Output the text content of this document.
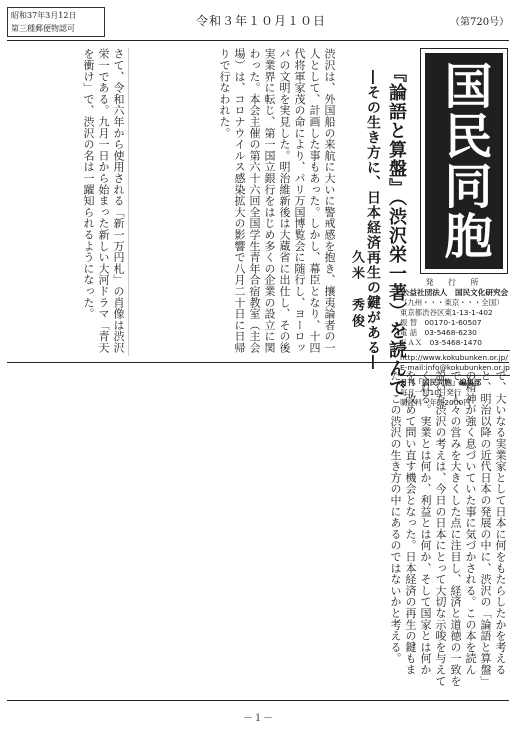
昭和37年3月12日
第三種郵便物認可
令和３年１０月１０日	（第720号）
国民同胞
発 行 所
公益社団法人　国民文化研究会
（九州・・・東京・・・全国）
東京都渋谷区東1-13-1-402
振 替　00170-1-60507
電 話　03-5468-6230
ＦＡＸ　03-5468-1470
http://www.kokubunken.or.jp/
E-mail:info@kokubunken.or.jp
月刊「国民同胞」編集部
毎月一回10日発行
購読料　年間2000円
『論語と算盤』（渋沢栄一著）を読んで
―その生き方に、日本経済再生の鍵がある―
久米　秀俊
渋沢は、外国船の来航に大いに警戒感を抱き、攘夷論者の一人として、計画した事もあった。しかし、幕臣となり、十四代将軍家茂の命により、パリ万国博覧会に随行し、ヨーロッパの文明を実見した。明治維新後は大蔵省に出仕し、その後実業界に転じ、第一国立銀行をはじめ多くの企業の設立に関わった。本会主催の第六十六回全国学生青年合宿教室（主会場）は、コロナウイルス感染拡大の影響で八月二十日に日帰りで行なわれた。
さて、令和六年から使用される「新一万円札」の肖像は渋沢栄一である。九月一日から始まった新しい大河ドラマ「青天を衝け」で、渋沢の名は一躍知られるようになった。
で、大いなる実業家として日本に何をもたらしたかを考えると、明治以降の近代日本の発展の中に、渋沢の「論語と算盤」の精神が強く息づいていた事に気づかされる。この本を読んで、人々の営みを大きくした点に注目し、経済と道徳の一致を説いた渋沢の考えは、今日の日本にとって大切な示唆を与えてくれる。実業とは何か、利益とは何か、そして国家とは何かを、改めて問い直す機会となった。日本経済の再生の鍵もまた、この渋沢の生き方の中にあるのではないかと考える。
－１－
